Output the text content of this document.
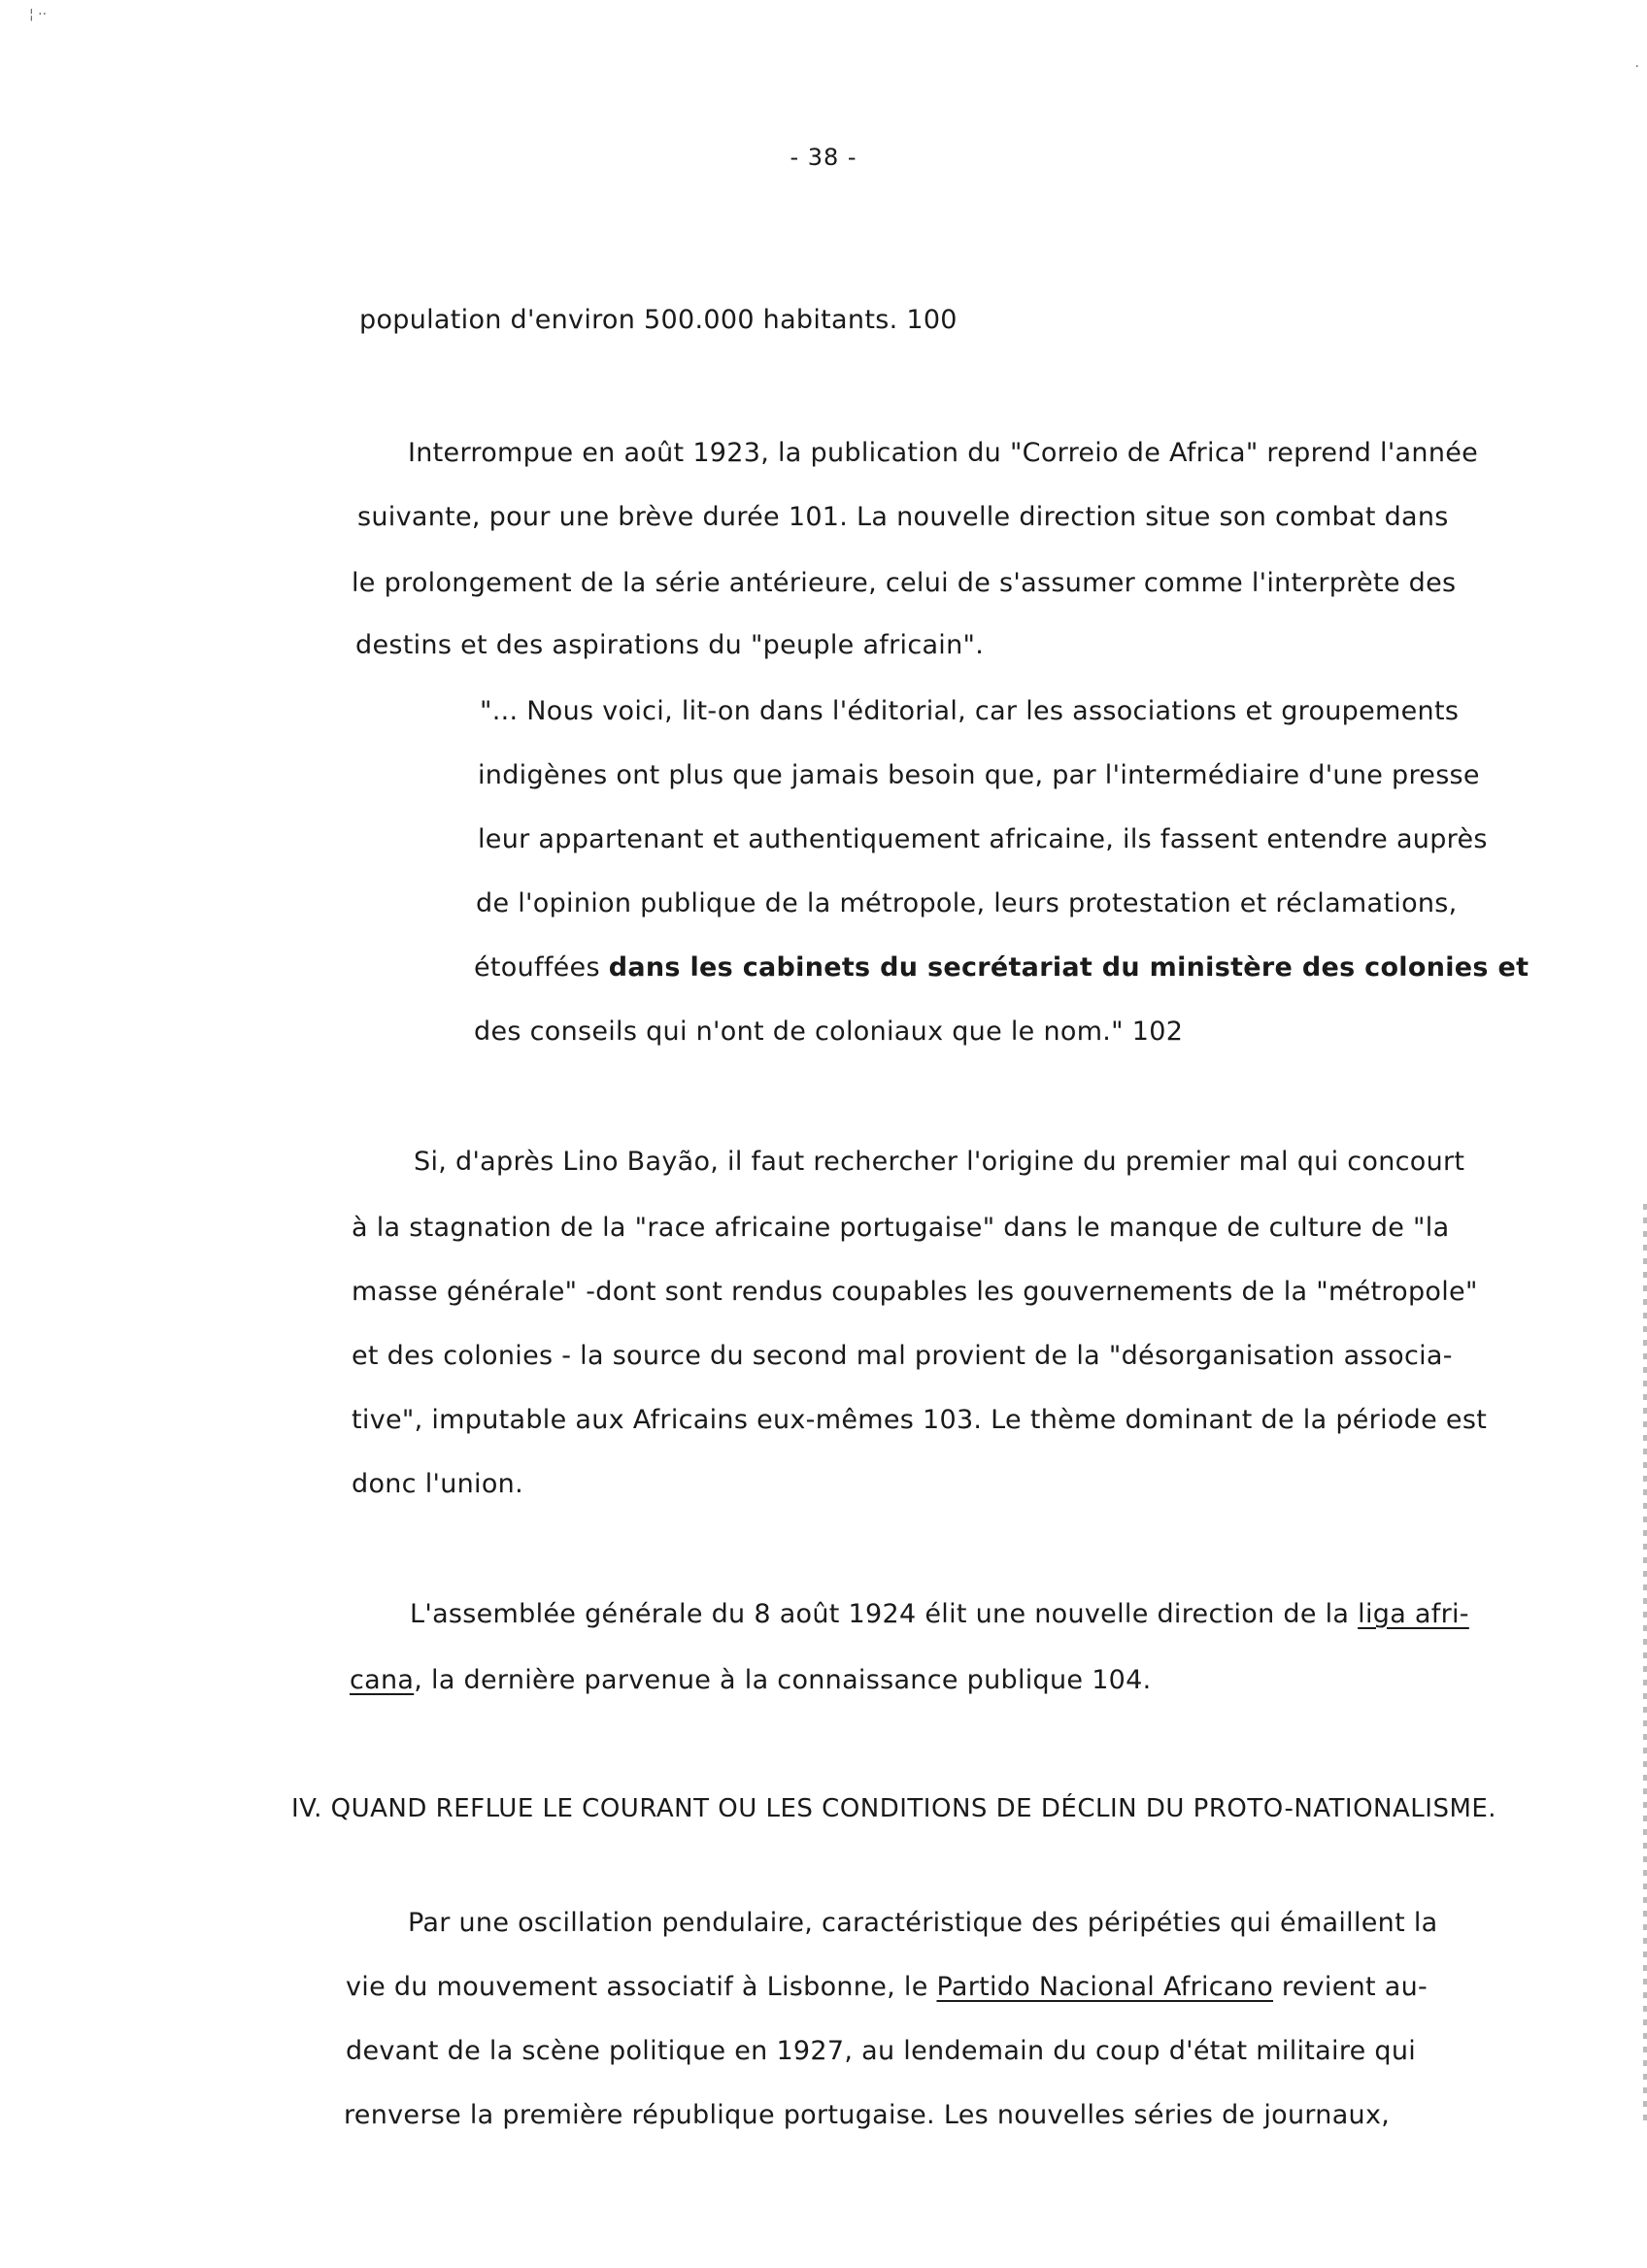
¦ ··
·
- 38 -
population d'environ 500.000 habitants. 100
Interrompue en août 1923, la publication du "Correio de Africa" reprend l'année
suivante, pour une brève durée 101. La nouvelle direction situe son combat dans
le prolongement de la série antérieure, celui de s'assumer comme l'interprète des
destins et des aspirations du "peuple africain".
"... Nous voici, lit-on dans l'éditorial, car les associations et groupements
indigènes ont plus que jamais besoin que, par l'intermédiaire d'une presse
leur appartenant et authentiquement africaine, ils fassent entendre auprès
de l'opinion publique de la métropole, leurs protestation et réclamations,
étouffées dans les cabinets du secrétariat du ministère des colonies et
des conseils qui n'ont de coloniaux que le nom." 102
Si, d'après Lino Bayão, il faut rechercher l'origine du premier mal qui concourt
à la stagnation de la "race africaine portugaise" dans le manque de culture de "la
masse générale" -dont sont rendus coupables les gouvernements de la "métropole"
et des colonies - la source du second mal provient de la "désorganisation associa-
tive", imputable aux Africains eux-mêmes 103. Le thème dominant de la période est
donc l'union.
L'assemblée générale du 8 août 1924 élit une nouvelle direction de la liga afri-
cana, la dernière parvenue à la connaissance publique 104.
IV. QUAND REFLUE LE COURANT OU LES CONDITIONS DE DÉCLIN DU PROTO-NATIONALISME.
Par une oscillation pendulaire, caractéristique des péripéties qui émaillent la
vie du mouvement associatif à Lisbonne, le Partido Nacional Africano revient au-
devant de la scène politique en 1927, au lendemain du coup d'état militaire qui
renverse la première république portugaise. Les nouvelles séries de journaux,
